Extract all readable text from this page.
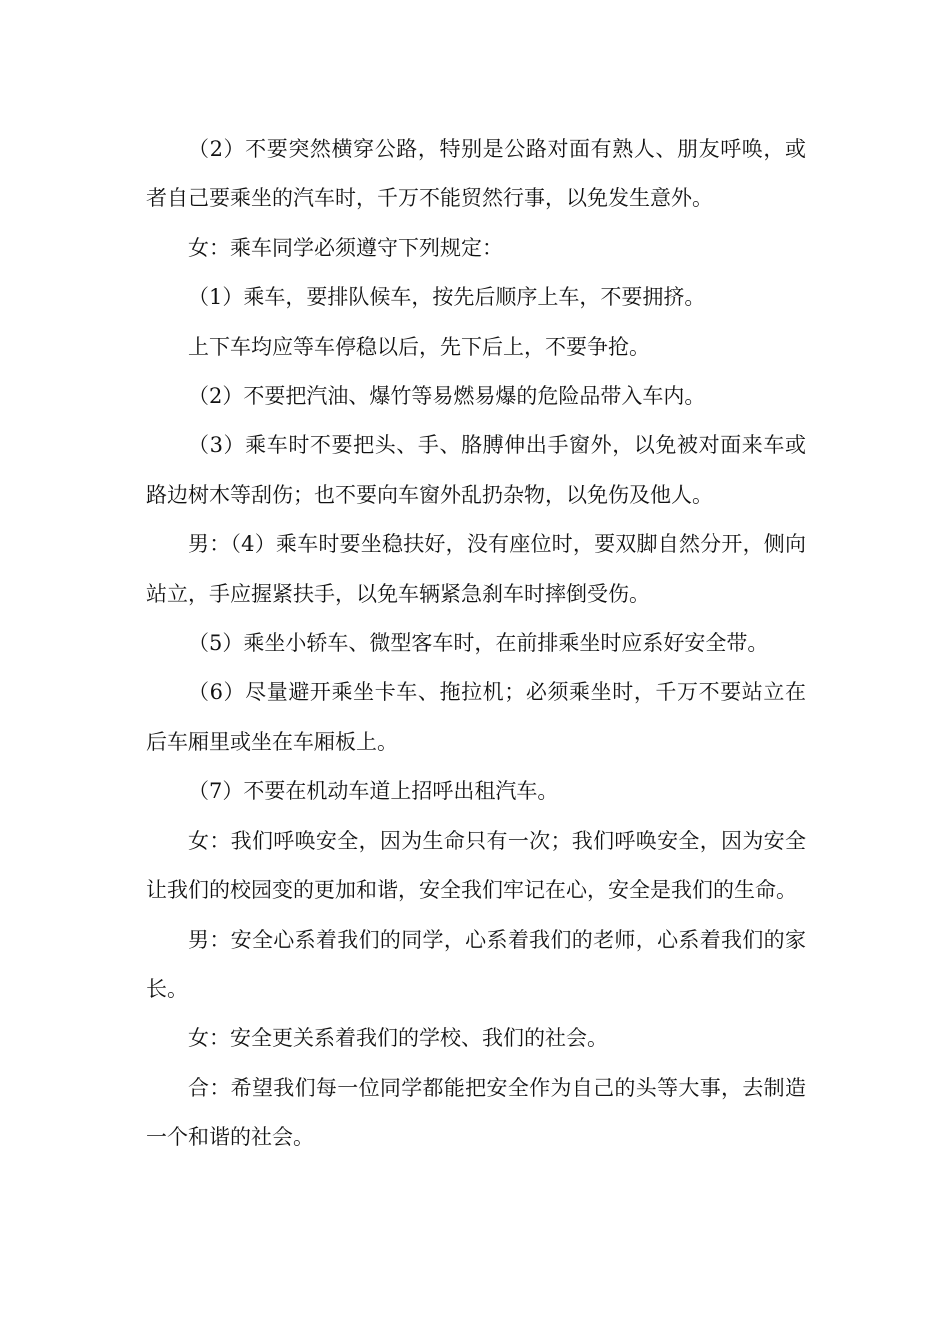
（2）不要突然横穿公路，特别是公路对面有熟人、朋友呼唤，或者自己要乘坐的汽车时，千万不能贸然行事，以免发生意外。

女：乘车同学必须遵守下列规定：

（1）乘车，要排队候车，按先后顺序上车，不要拥挤。

上下车均应等车停稳以后，先下后上，不要争抢。

（2）不要把汽油、爆竹等易燃易爆的危险品带入车内。

（3）乘车时不要把头、手、胳膊伸出手窗外，以免被对面来车或路边树木等刮伤；也不要向车窗外乱扔杂物，以免伤及他人。

男：（4）乘车时要坐稳扶好，没有座位时，要双脚自然分开，侧向站立，手应握紧扶手，以免车辆紧急刹车时摔倒受伤。

（5）乘坐小轿车、微型客车时，在前排乘坐时应系好安全带。

（6）尽量避开乘坐卡车、拖拉机；必须乘坐时，千万不要站立在后车厢里或坐在车厢板上。

（7）不要在机动车道上招呼出租汽车。

女：我们呼唤安全，因为生命只有一次；我们呼唤安全，因为安全让我们的校园变的更加和谐，安全我们牢记在心，安全是我们的生命。

男：安全心系着我们的同学，心系着我们的老师，心系着我们的家长。

女：安全更关系着我们的学校、我们的社会。

合：希望我们每一位同学都能把安全作为自己的头等大事，去制造一个和谐的社会。
